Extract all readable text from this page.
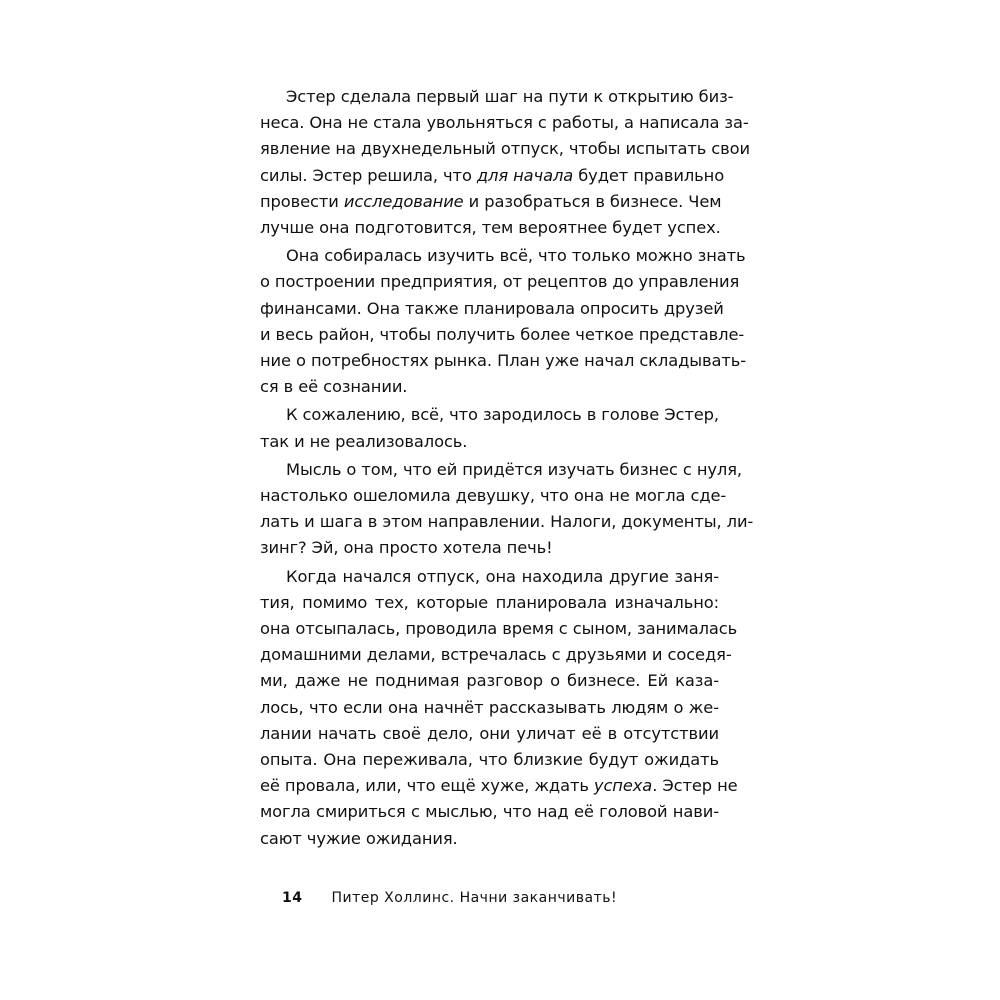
Эстер сделала первый шаг на пути к открытию биз-
неса. Она не стала увольняться с работы, а написала за-
явление на двухнедельный отпуск, чтобы испытать свои
силы. Эстер решила, что для начала будет правильно
провести исследование и разобраться в бизнесе. Чем
лучше она подготовится, тем вероятнее будет успех.

Она собиралась изучить всё, что только можно знать
о построении предприятия, от рецептов до управления
финансами. Она также планировала опросить друзей
и весь район, чтобы получить более четкое представле-
ние о потребностях рынка. План уже начал складывать-
ся в её сознании.

К сожалению, всё, что зародилось в голове Эстер,
так и не реализовалось.

Мысль о том, что ей придётся изучать бизнес с нуля,
настолько ошеломила девушку, что она не могла сде-
лать и шага в этом направлении. Налоги, документы, ли-
зинг? Эй, она просто хотела печь!

Когда начался отпуск, она находила другие заня-
тия, помимо тех, которые планировала изначально:
она отсыпалась, проводила время с сыном, занималась
домашними делами, встречалась с друзьями и соседя-
ми, даже не поднимая разговор о бизнесе. Ей каза-
лось, что если она начнёт рассказывать людям о же-
лании начать своё дело, они уличат её в отсутствии
опыта. Она переживала, что близкие будут ожидать
её провала, или, что ещё хуже, ждать успеха. Эстер не
могла смириться с мыслью, что над её головой нави-
сают чужие ожидания.

14 Питер Холлинс. Начни заканчивать!
